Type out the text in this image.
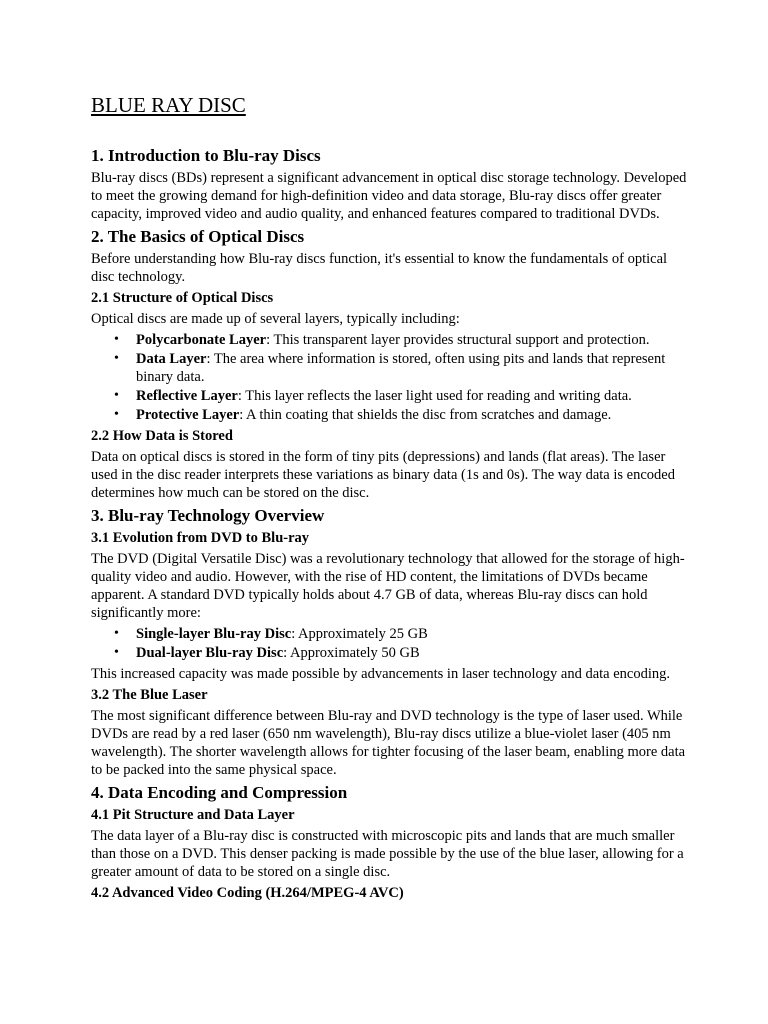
BLUE RAY DISC
1. Introduction to Blu-ray Discs
Blu-ray discs (BDs) represent a significant advancement in optical disc storage technology. Developed to meet the growing demand for high-definition video and data storage, Blu-ray discs offer greater capacity, improved video and audio quality, and enhanced features compared to traditional DVDs.
2. The Basics of Optical Discs
Before understanding how Blu-ray discs function, it's essential to know the fundamentals of optical disc technology.
2.1 Structure of Optical Discs
Optical discs are made up of several layers, typically including:
• Polycarbonate Layer: This transparent layer provides structural support and protection.
• Data Layer: The area where information is stored, often using pits and lands that represent binary data.
• Reflective Layer: This layer reflects the laser light used for reading and writing data.
• Protective Layer: A thin coating that shields the disc from scratches and damage.
2.2 How Data is Stored
Data on optical discs is stored in the form of tiny pits (depressions) and lands (flat areas). The laser used in the disc reader interprets these variations as binary data (1s and 0s). The way data is encoded determines how much can be stored on the disc.
3. Blu-ray Technology Overview
3.1 Evolution from DVD to Blu-ray
The DVD (Digital Versatile Disc) was a revolutionary technology that allowed for the storage of high-quality video and audio. However, with the rise of HD content, the limitations of DVDs became apparent. A standard DVD typically holds about 4.7 GB of data, whereas Blu-ray discs can hold significantly more:
• Single-layer Blu-ray Disc: Approximately 25 GB
• Dual-layer Blu-ray Disc: Approximately 50 GB
This increased capacity was made possible by advancements in laser technology and data encoding.
3.2 The Blue Laser
The most significant difference between Blu-ray and DVD technology is the type of laser used. While DVDs are read by a red laser (650 nm wavelength), Blu-ray discs utilize a blue-violet laser (405 nm wavelength). The shorter wavelength allows for tighter focusing of the laser beam, enabling more data to be packed into the same physical space.
4. Data Encoding and Compression
4.1 Pit Structure and Data Layer
The data layer of a Blu-ray disc is constructed with microscopic pits and lands that are much smaller than those on a DVD. This denser packing is made possible by the use of the blue laser, allowing for a greater amount of data to be stored on a single disc.
4.2 Advanced Video Coding (H.264/MPEG-4 AVC)
